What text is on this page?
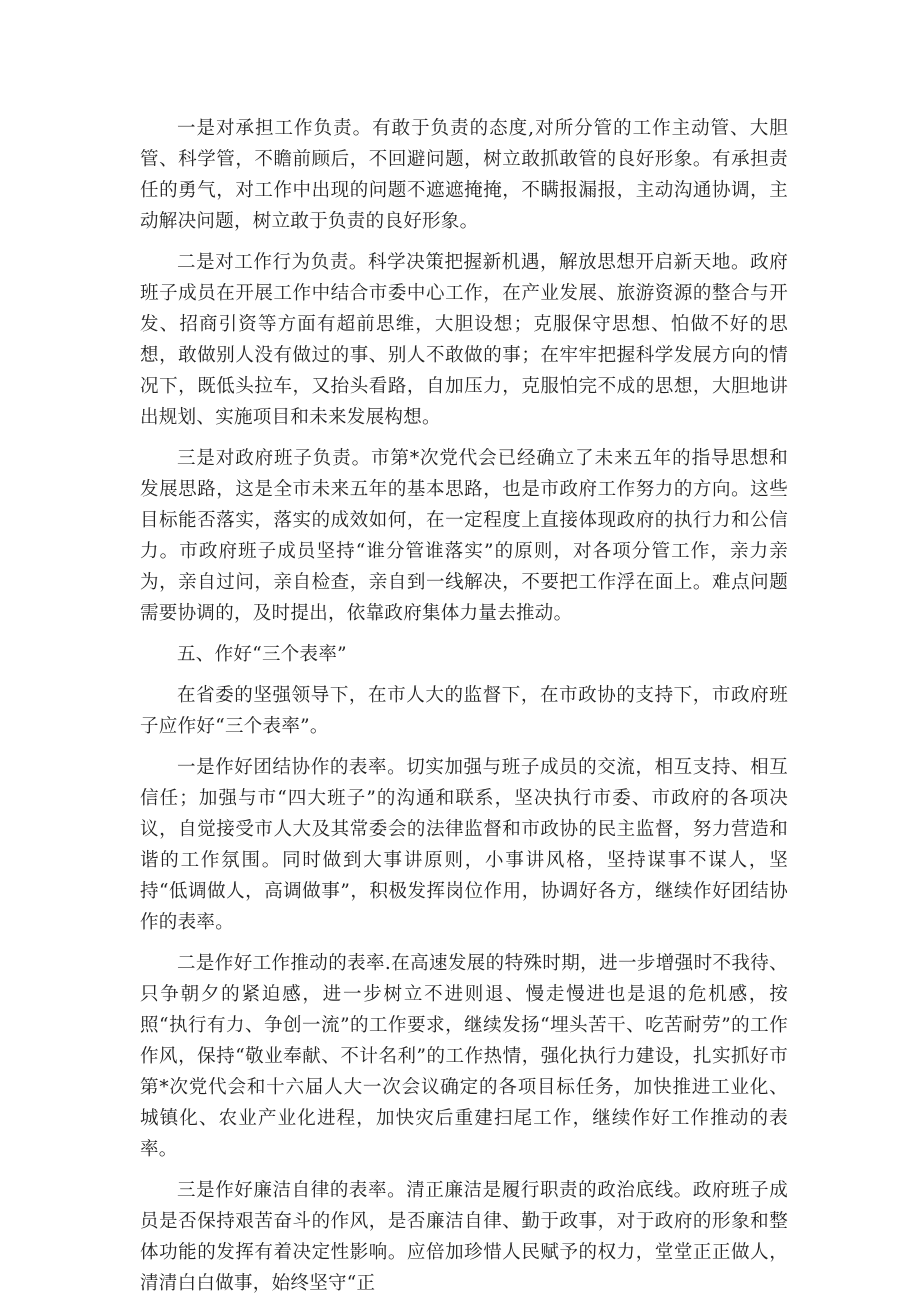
一是对承担工作负责。有敢于负责的态度,对所分管的工作主动管、大胆管、科学管，不瞻前顾后，不回避问题，树立敢抓敢管的良好形象。有承担责任的勇气，对工作中出现的问题不遮遮掩掩，不瞒报漏报，主动沟通协调，主动解决问题，树立敢于负责的良好形象。

二是对工作行为负责。科学决策把握新机遇，解放思想开启新天地。政府班子成员在开展工作中结合市委中心工作，在产业发展、旅游资源的整合与开发、招商引资等方面有超前思维，大胆设想；克服保守思想、怕做不好的思想，敢做别人没有做过的事、别人不敢做的事；在牢牢把握科学发展方向的情况下，既低头拉车，又抬头看路，自加压力，克服怕完不成的思想，大胆地讲出规划、实施项目和未来发展构想。

三是对政府班子负责。市第*次党代会已经确立了未来五年的指导思想和发展思路，这是全市未来五年的基本思路，也是市政府工作努力的方向。这些目标能否落实，落实的成效如何，在一定程度上直接体现政府的执行力和公信力。市政府班子成员坚持“谁分管谁落实”的原则，对各项分管工作，亲力亲为，亲自过问，亲自检查，亲自到一线解决，不要把工作浮在面上。难点问题需要协调的，及时提出，依靠政府集体力量去推动。

五、作好“三个表率”

在省委的坚强领导下，在市人大的监督下，在市政协的支持下，市政府班子应作好“三个表率”。

一是作好团结协作的表率。切实加强与班子成员的交流，相互支持、相互信任；加强与市“四大班子”的沟通和联系，坚决执行市委、市政府的各项决议，自觉接受市人大及其常委会的法律监督和市政协的民主监督，努力营造和谐的工作氛围。同时做到大事讲原则，小事讲风格，坚持谋事不谋人，坚持“低调做人，高调做事”，积极发挥岗位作用，协调好各方，继续作好团结协作的表率。

二是作好工作推动的表率.在高速发展的特殊时期，进一步增强时不我待、只争朝夕的紧迫感，进一步树立不进则退、慢走慢进也是退的危机感，按照“执行有力、争创一流”的工作要求，继续发扬“埋头苦干、吃苦耐劳”的工作作风，保持“敬业奉献、不计名利”的工作热情，强化执行力建设，扎实抓好市第*次党代会和十六届人大一次会议确定的各项目标任务，加快推进工业化、城镇化、农业产业化进程，加快灾后重建扫尾工作，继续作好工作推动的表率。

三是作好廉洁自律的表率。清正廉洁是履行职责的政治底线。政府班子成员是否保持艰苦奋斗的作风，是否廉洁自律、勤于政事，对于政府的形象和整体功能的发挥有着决定性影响。应倍加珍惜人民赋予的权力，堂堂正正做人，清清白白做事，始终坚守“正
